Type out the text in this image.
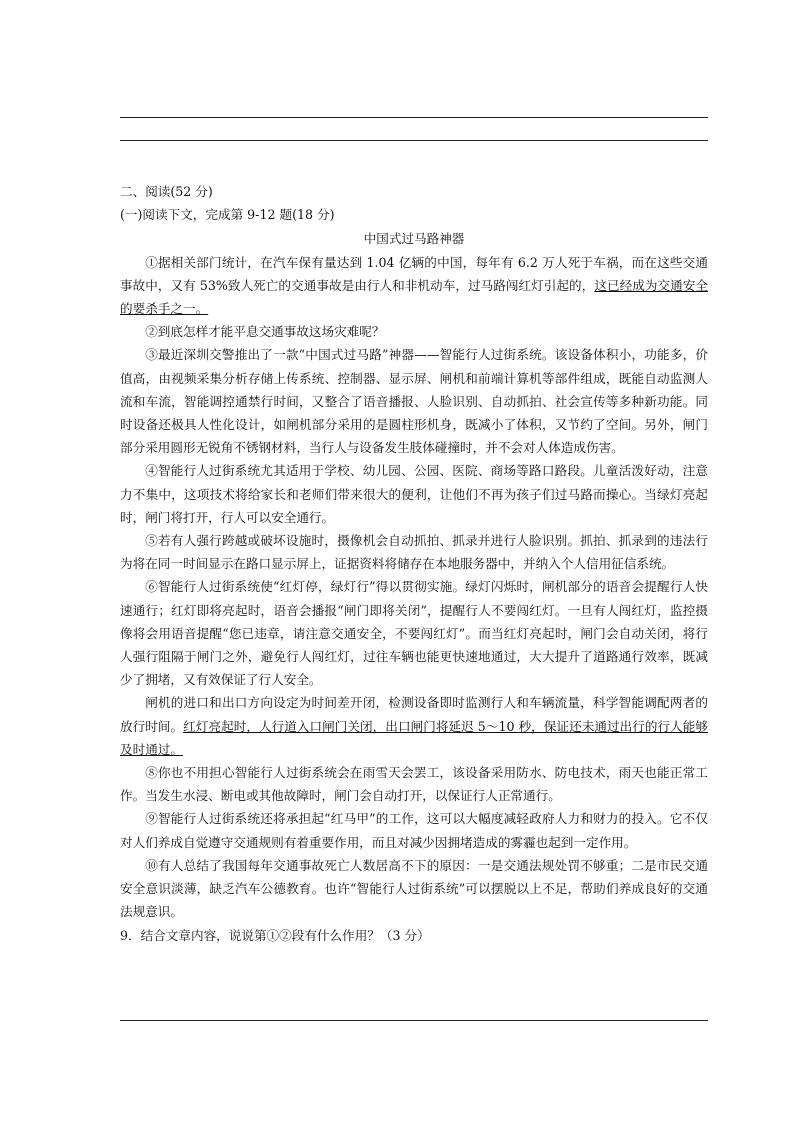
二、阅读(52 分)

(一)阅读下文，完成第 9-12 题(18 分)

中国式过马路神器

①据相关部门统计，在汽车保有量达到 1.04 亿辆的中国，每年有 6.2 万人死于车祸，而在这些交通事故中，又有 53%致人死亡的交通事故是由行人和非机动车，过马路闯红灯引起的，这已经成为交通安全的要杀手之一。

②到底怎样才能平息交通事故这场灾难呢？

③最近深圳交警推出了一款“中国式过马路”神器——智能行人过街系统。该设备体积小，功能多，价值高，由视频采集分析存储上传系统、控制器、显示屏、闸机和前端计算机等部件组成，既能自动监测人流和车流，智能调控通禁行时间，又整合了语音播报、人脸识别、自动抓拍、社会宣传等多种新功能。同时设备还极具人性化设计，如闸机部分采用的是圆柱形机身，既减小了体积，又节约了空间。另外，闸门部分采用圆形无锐角不锈钢材料，当行人与设备发生肢体碰撞时，并不会对人体造成伤害。

④智能行人过街系统尤其适用于学校、幼儿园、公园、医院、商场等路口路段。儿童活泼好动，注意力不集中，这项技术将给家长和老师们带来很大的便利，让他们不再为孩子们过马路而操心。当绿灯亮起时，闸门将打开，行人可以安全通行。

⑤若有人强行跨越或破坏设施时，摄像机会自动抓拍、抓录并进行人脸识别。抓拍、抓录到的违法行为将在同一时间显示在路口显示屏上，证据资料将储存在本地服务器中，并纳入个人信用征信系统。

⑥智能行人过街系统使“红灯停，绿灯行”得以贯彻实施。绿灯闪烁时，闸机部分的语音会提醒行人快速通行；红灯即将亮起时，语音会播报“闸门即将关闭”，提醒行人不要闯红灯。一旦有人闯红灯，监控摄像将会用语音提醒“您已违章，请注意交通安全，不要闯红灯”。而当红灯亮起时，闸门会自动关闭，将行人强行阻隔于闸门之外，避免行人闯红灯，过往车辆也能更快速地通过，大大提升了道路通行效率，既减少了拥堵，又有效保证了行人安全。

闸机的进口和出口方向设定为时间差开闭，检测设备即时监测行人和车辆流量，科学智能调配两者的放行时间。红灯亮起时，人行道入口闸门关闭，出口闸门将延迟 5～10 秒，保证还未通过出行的行人能够及时通过。

⑧你也不用担心智能行人过街系统会在雨雪天会罢工，该设备采用防水、防电技术，雨天也能正常工作。当发生水浸、断电或其他故障时，闸门会自动打开，以保证行人正常通行。

⑨智能行人过街系统还将承担起“红马甲”的工作，这可以大幅度减轻政府人力和财力的投入。它不仅对人们养成自觉遵守交通规则有着重要作用，而且对减少因拥堵造成的雾霾也起到一定作用。

⑩有人总结了我国每年交通事故死亡人数居高不下的原因：一是交通法规处罚不够重；二是市民交通安全意识淡薄，缺乏汽车公德教育。也许“智能行人过街系统”可以摆脱以上不足，帮助们养成良好的交通法规意识。

9．结合文章内容，说说第①②段有什么作用？（3 分）
